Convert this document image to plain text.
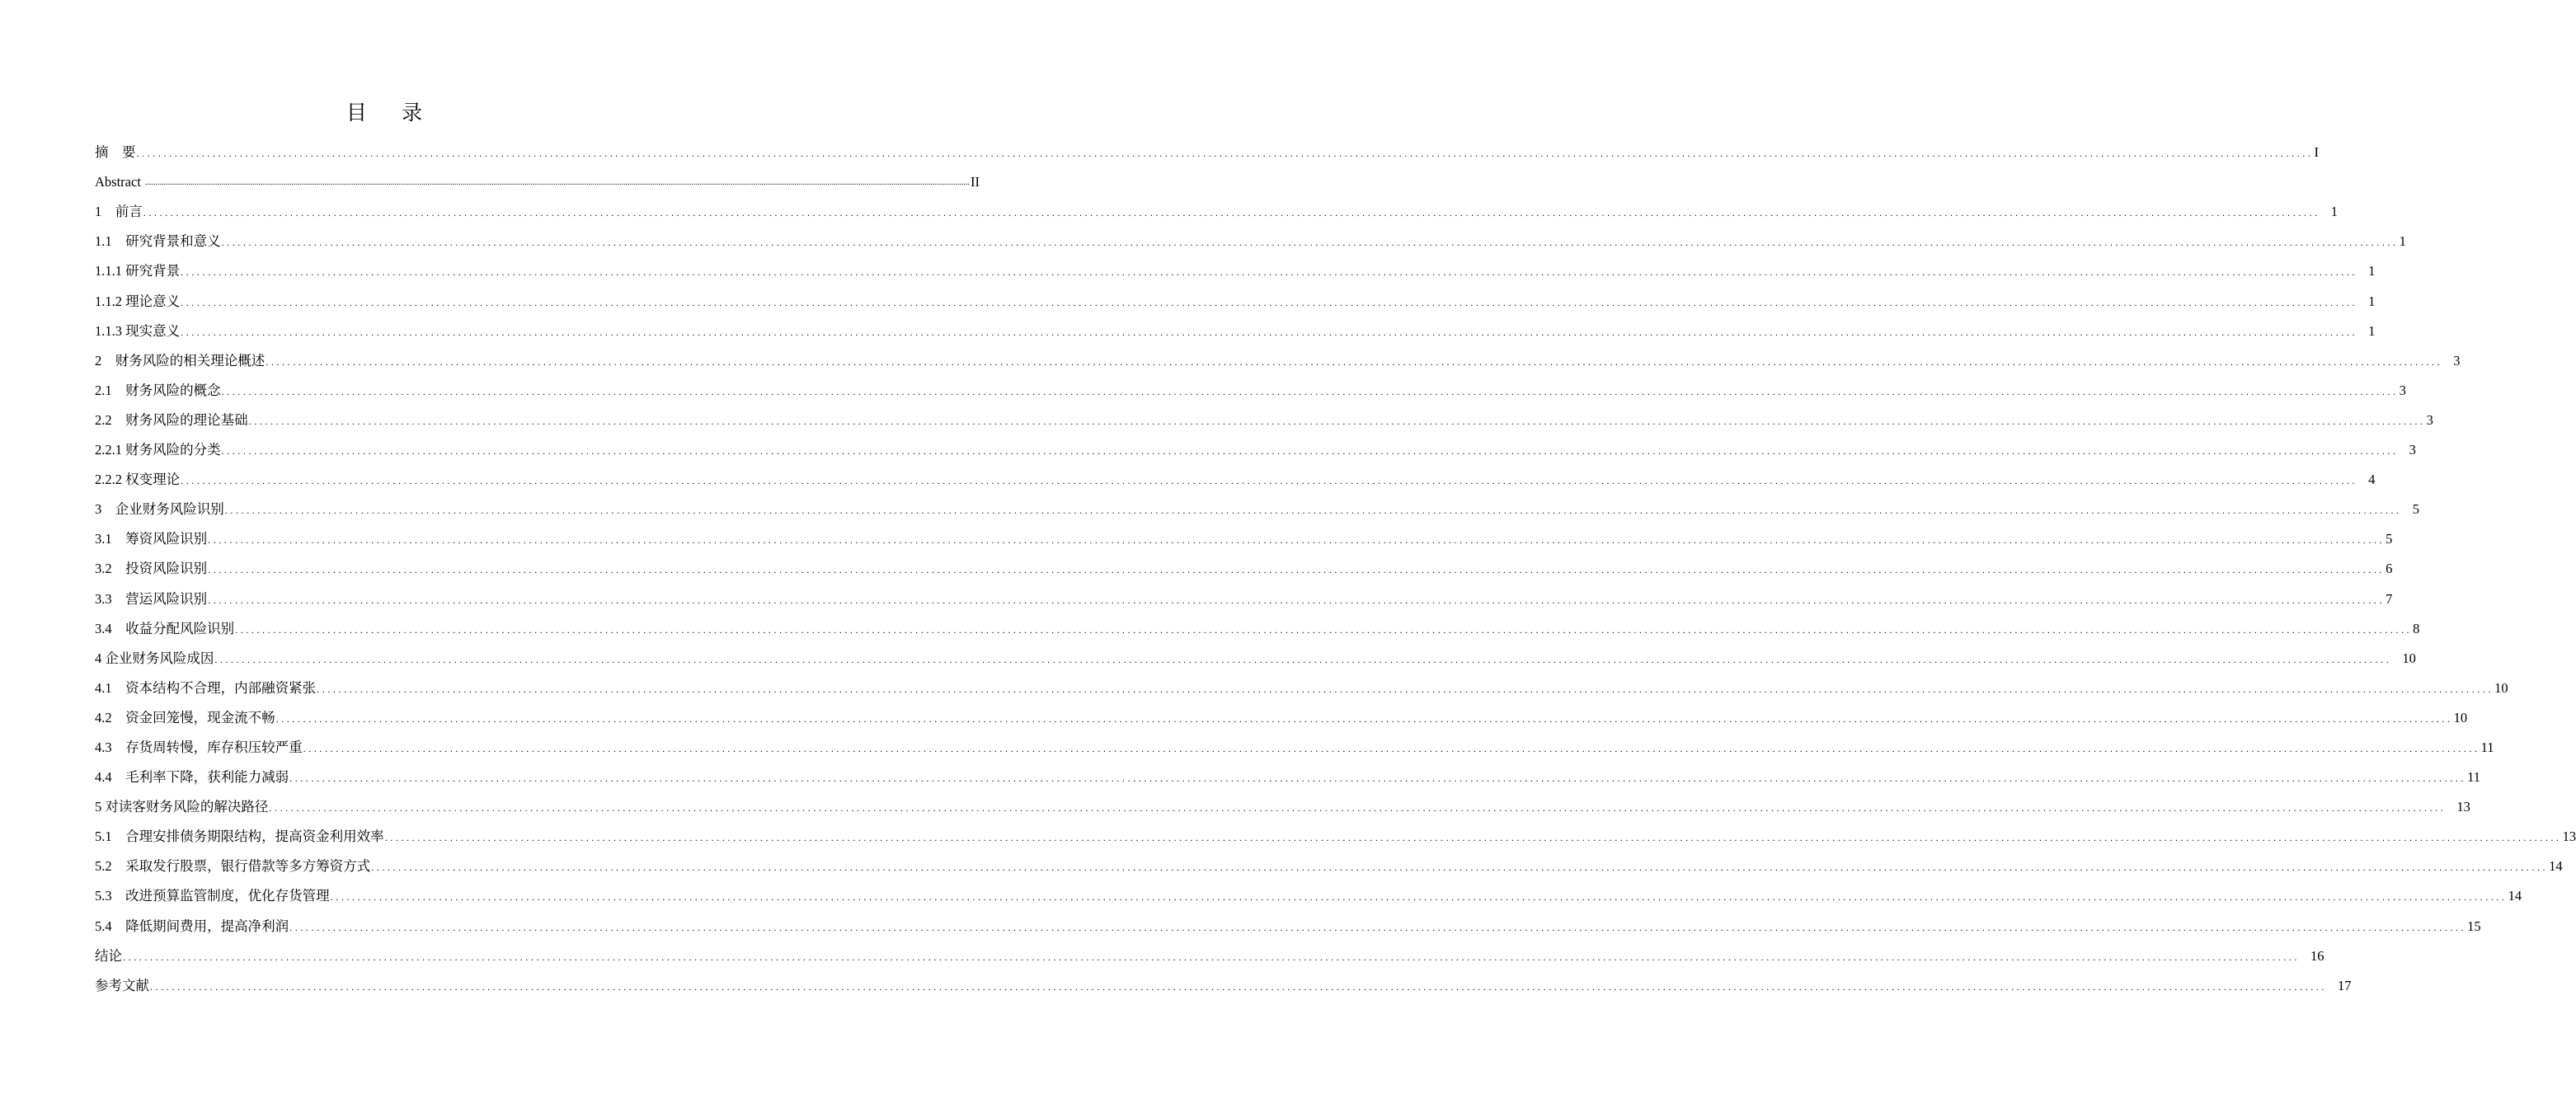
目 录
摘　要 ................................................................................................................................................................................................................................................................................................................................................................................................................ I
Abstract ................................................................................................................................................................................................................................................................................................................................................................................................................ II
1　前言 ................................................................................................................................................................................................................................................................................................................................................................................................................ 1
1.1　研究背景和意义 ................................................................................................................................................................................................................................................................................................................................................................................................................ 1
1.1.1 研究背景 ................................................................................................................................................................................................................................................................................................................................................................................................................ 1
1.1.2 理论意义 ................................................................................................................................................................................................................................................................................................................................................................................................................ 1
1.1.3 现实意义 ................................................................................................................................................................................................................................................................................................................................................................................................................ 1
2　财务风险的相关理论概述 ................................................................................................................................................................................................................................................................................................................................................................................................................ 3
2.1　财务风险的概念 ................................................................................................................................................................................................................................................................................................................................................................................................................ 3
2.2　财务风险的理论基础 ................................................................................................................................................................................................................................................................................................................................................................................................................ 3
2.2.1 财务风险的分类 ................................................................................................................................................................................................................................................................................................................................................................................................................ 3
2.2.2 权变理论 ................................................................................................................................................................................................................................................................................................................................................................................................................ 4
3　企业财务风险识别 ................................................................................................................................................................................................................................................................................................................................................................................................................ 5
3.1　筹资风险识别 ................................................................................................................................................................................................................................................................................................................................................................................................................ 5
3.2　投资风险识别 ................................................................................................................................................................................................................................................................................................................................................................................................................ 6
3.3　营运风险识别 ................................................................................................................................................................................................................................................................................................................................................................................................................ 7
3.4　收益分配风险识别 ................................................................................................................................................................................................................................................................................................................................................................................................................ 8
4 企业财务风险成因 ................................................................................................................................................................................................................................................................................................................................................................................................................ 10
4.1　资本结构不合理，内部融资紧张 ................................................................................................................................................................................................................................................................................................................................................................................................................ 10
4.2　资金回笼慢，现金流不畅 ................................................................................................................................................................................................................................................................................................................................................................................................................ 10
4.3　存货周转慢，库存积压较严重 ................................................................................................................................................................................................................................................................................................................................................................................................................ 11
4.4　毛利率下降，获利能力减弱 ................................................................................................................................................................................................................................................................................................................................................................................................................ 11
5 对读客财务风险的解决路径 ................................................................................................................................................................................................................................................................................................................................................................................................................ 13
5.1　合理安排债务期限结构，提高资金利用效率 ................................................................................................................................................................................................................................................................................................................................................................................................................ 13
5.2　采取发行股票，银行借款等多方筹资方式 ................................................................................................................................................................................................................................................................................................................................................................................................................ 14
5.3　改进预算监管制度，优化存货管理 ................................................................................................................................................................................................................................................................................................................................................................................................................ 14
5.4　降低期间费用，提高净利润 ................................................................................................................................................................................................................................................................................................................................................................................................................ 15
结论 ................................................................................................................................................................................................................................................................................................................................................................................................................ 16
参考文献 ................................................................................................................................................................................................................................................................................................................................................................................................................ 17
